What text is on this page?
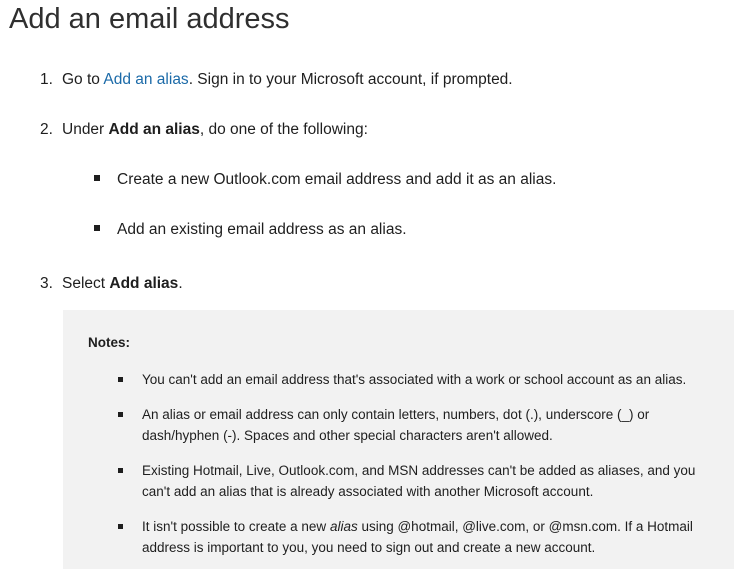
Add an email address
1. Go to Add an alias. Sign in to your Microsoft account, if prompted.
2. Under Add an alias, do one of the following:
Create a new Outlook.com email address and add it as an alias.
Add an existing email address as an alias.
3. Select Add alias.
Notes:
You can't add an email address that's associated with a work or school account as an alias.
An alias or email address can only contain letters, numbers, dot (.), underscore (_) or dash/hyphen (-). Spaces and other special characters aren't allowed.
Existing Hotmail, Live, Outlook.com, and MSN addresses can't be added as aliases, and you can't add an alias that is already associated with another Microsoft account.
It isn't possible to create a new alias using @hotmail, @live.com, or @msn.com. If a Hotmail address is important to you, you need to sign out and create a new account.
